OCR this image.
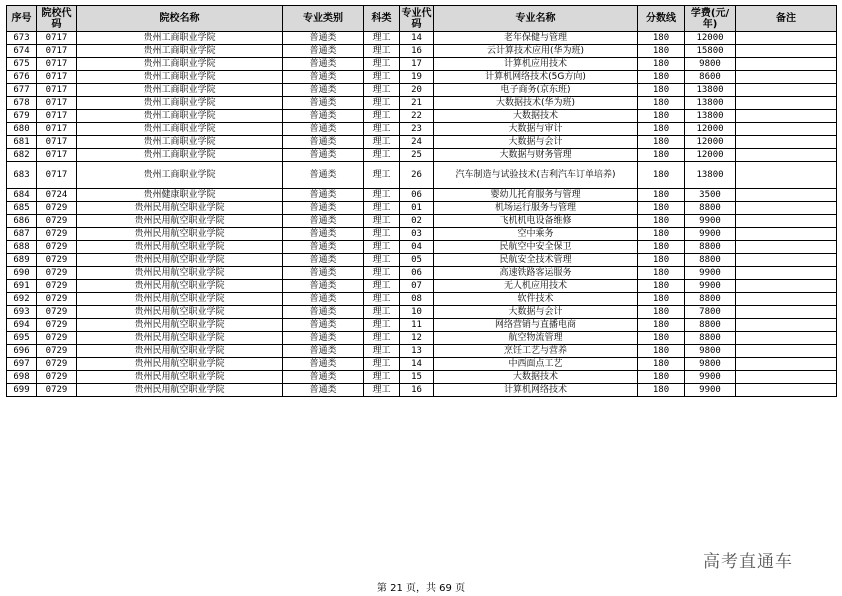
序号	院校代码	院校名称	专业类别	科类	专业代码	专业名称	分数线	学费(元/年)	备注
673	0717	贵州工商职业学院	普通类	理工	14	老年保健与管理	180	12000	
674	0717	贵州工商职业学院	普通类	理工	16	云计算技术应用(华为班)	180	15800	
675	0717	贵州工商职业学院	普通类	理工	17	计算机应用技术	180	9800	
676	0717	贵州工商职业学院	普通类	理工	19	计算机网络技术(5G方向)	180	8600	
677	0717	贵州工商职业学院	普通类	理工	20	电子商务(京东班)	180	13800	
678	0717	贵州工商职业学院	普通类	理工	21	大数据技术(华为班)	180	13800	
679	0717	贵州工商职业学院	普通类	理工	22	大数据技术	180	13800	
680	0717	贵州工商职业学院	普通类	理工	23	大数据与审计	180	12000	
681	0717	贵州工商职业学院	普通类	理工	24	大数据与会计	180	12000	
682	0717	贵州工商职业学院	普通类	理工	25	大数据与财务管理	180	12000	
683	0717	贵州工商职业学院	普通类	理工	26	汽车制造与试验技术(吉利汽车订单培养)	180	13800	
684	0724	贵州健康职业学院	普通类	理工	06	婴幼儿托育服务与管理	180	3500	
685	0729	贵州民用航空职业学院	普通类	理工	01	机场运行服务与管理	180	8800	
686	0729	贵州民用航空职业学院	普通类	理工	02	飞机机电设备维修	180	9900	
687	0729	贵州民用航空职业学院	普通类	理工	03	空中乘务	180	9900	
688	0729	贵州民用航空职业学院	普通类	理工	04	民航空中安全保卫	180	8800	
689	0729	贵州民用航空职业学院	普通类	理工	05	民航安全技术管理	180	8800	
690	0729	贵州民用航空职业学院	普通类	理工	06	高速铁路客运服务	180	9900	
691	0729	贵州民用航空职业学院	普通类	理工	07	无人机应用技术	180	9900	
692	0729	贵州民用航空职业学院	普通类	理工	08	软件技术	180	8800	
693	0729	贵州民用航空职业学院	普通类	理工	10	大数据与会计	180	7800	
694	0729	贵州民用航空职业学院	普通类	理工	11	网络营销与直播电商	180	8800	
695	0729	贵州民用航空职业学院	普通类	理工	12	航空物流管理	180	8800	
696	0729	贵州民用航空职业学院	普通类	理工	13	烹饪工艺与营养	180	9800	
697	0729	贵州民用航空职业学院	普通类	理工	14	中西面点工艺	180	9800	
698	0729	贵州民用航空职业学院	普通类	理工	15	大数据技术	180	9900	
699	0729	贵州民用航空职业学院	普通类	理工	16	计算机网络技术	180	9900	
第 21 页，共 69 页
高考直通车
